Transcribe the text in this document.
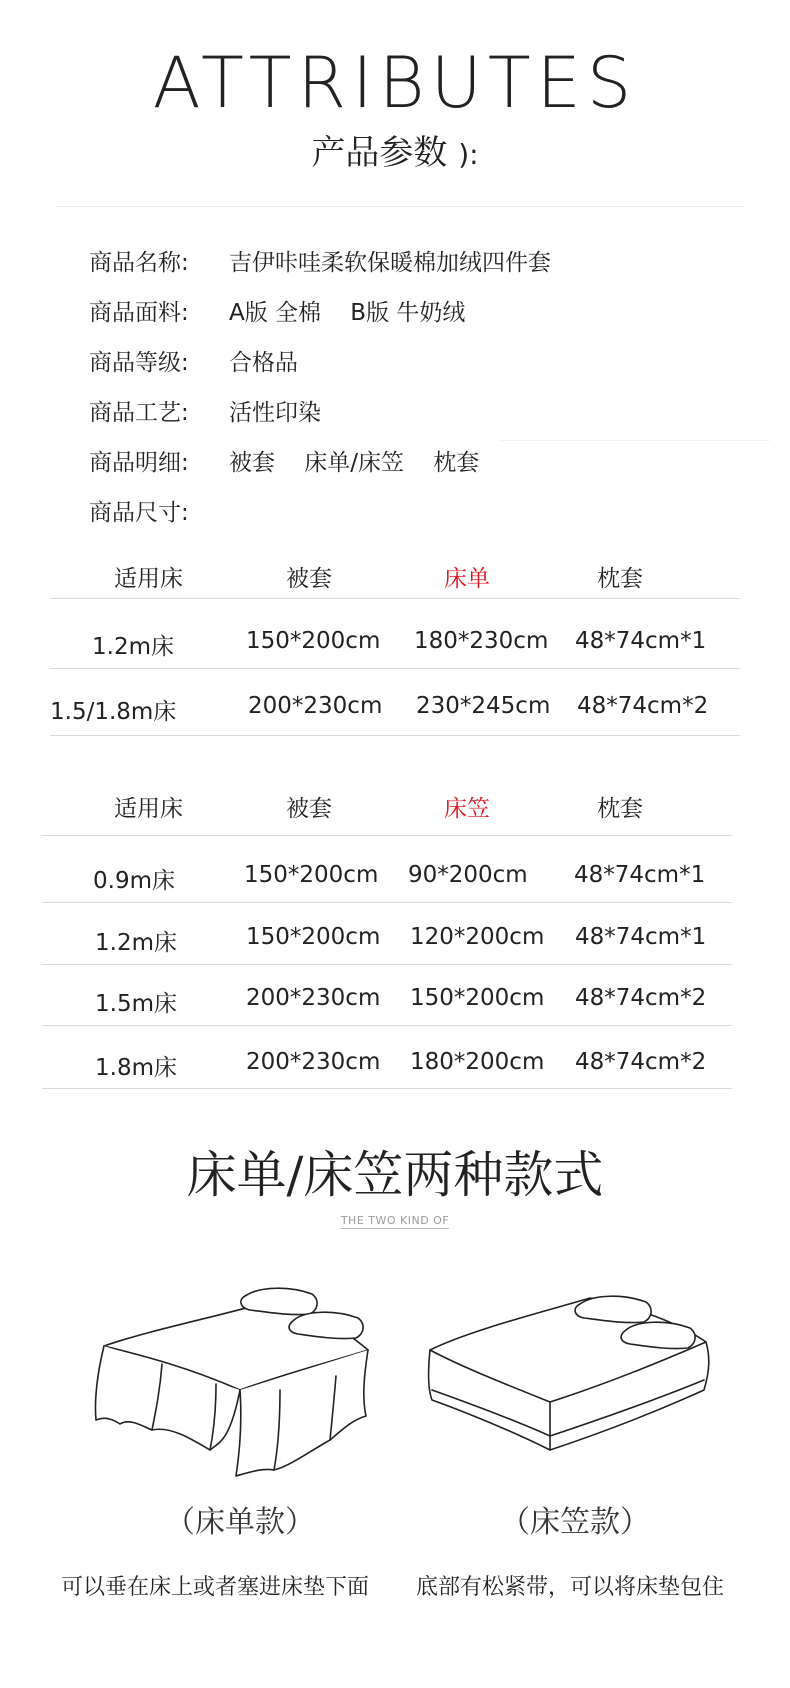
ATTRIBUTES
产品参数 ):
商品名称: 吉伊咔哇柔软保暖棉加绒四件套
商品面料: A版 全棉    B版 牛奶绒
商品等级: 合格品
商品工艺: 活性印染
商品明细: 被套    床单/床笠    枕套
商品尺寸:
适用床	被套	床单	枕套
1.2m床	150*200cm 180*230cm 48*74cm*1
1.5/1.8m床	200*230cm 230*245cm 48*74cm*2
适用床	被套	床笠	枕套
0.9m床	150*200cm 90*200cm 48*74cm*1
1.2m床	150*200cm 120*200cm 48*74cm*1
1.5m床	200*230cm 150*200cm 48*74cm*2
1.8m床	200*230cm 180*200cm 48*74cm*2
床单/床笠两种款式
THE TWO KIND OF
（床单款）	（床笠款）
可以垂在床上或者塞进床垫下面	底部有松紧带，可以将床垫包住
